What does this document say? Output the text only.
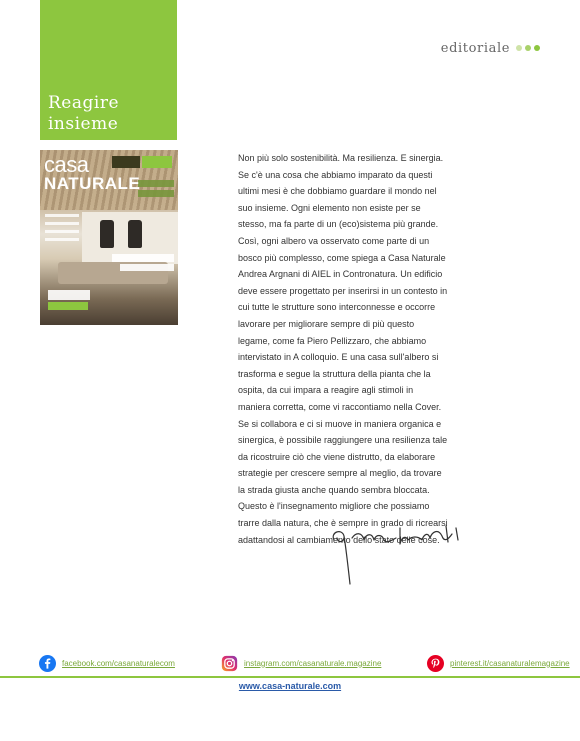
Reagire
insieme
editoriale
casa
NATURALE
Non più solo sostenibilità. Ma resilienza. E sinergia. Se c'è una cosa che abbiamo imparato da questi ultimi mesi è che dobbiamo guardare il mondo nel suo insieme. Ogni elemento non esiste per se stesso, ma fa parte di un (eco)sistema più grande. Così, ogni albero va osservato come parte di un bosco più complesso, come spiega a Casa Naturale Andrea Argnani di AIEL in Contronatura. Un edificio deve essere progettato per inserirsi in un contesto in cui tutte le strutture sono interconnesse e occorre lavorare per migliorare sempre di più questo legame, come fa Piero Pellizzaro, che abbiamo intervistato in A colloquio. E una casa sull'albero si trasforma e segue la struttura della pianta che la ospita, da cui impara a reagire agli stimoli in maniera corretta, come vi raccontiamo nella Cover. Se si collabora e ci si muove in maniera organica e sinergica, è possibile raggiungere una resilienza tale da ricostruire ciò che viene distrutto, da elaborare strategie per crescere sempre al meglio, da trovare la strada giusta anche quando sembra bloccata. Questo è l'insegnamento migliore che possiamo trarre dalla natura, che è sempre in grado di ricrearsi adattandosi al cambiamento dello stato delle cose.
facebook.com/casanaturalecom	instagram.com/casanaturale.magazine	pinterest.it/casanaturalemagazine
www.casa-naturale.com
